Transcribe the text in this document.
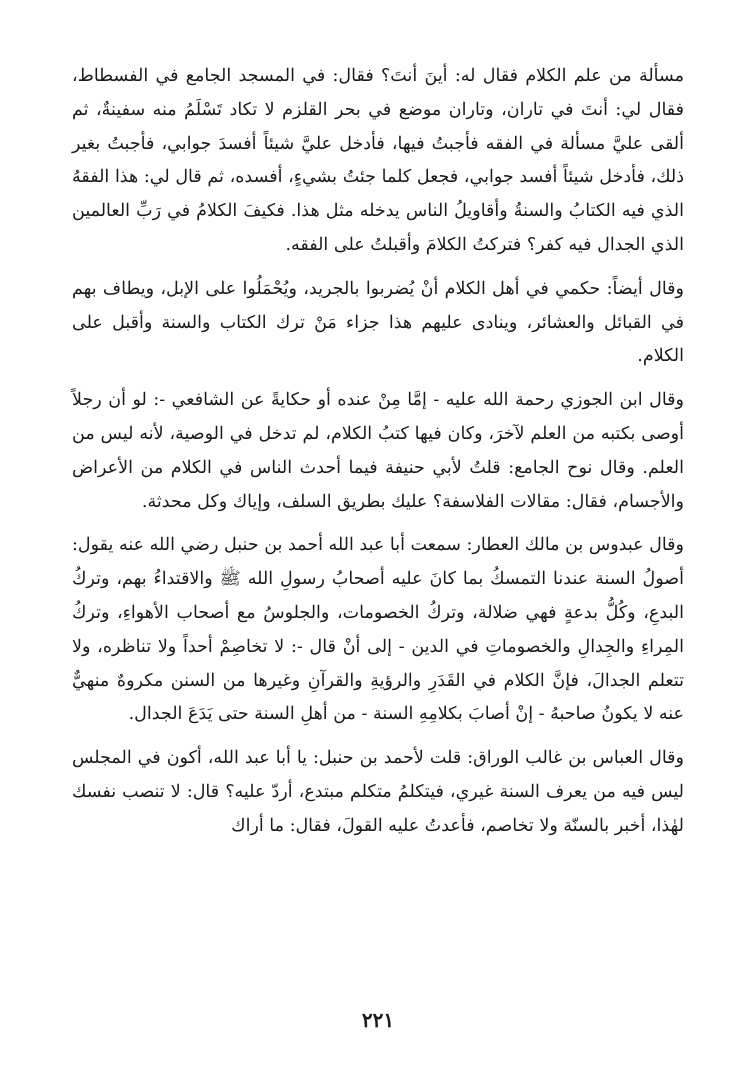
مسألة من علم الكلام فقال له: أينَ أنتَ؟ فقال: في المسجد الجامع في الفسطاط، فقال لي: أنتَ في تاران، وتاران موضع في بحر القلزم لا تكاد تَسْلَمُ منه سفينةٌ، ثم ألقى عليَّ مسألة في الفقه فأجبتُ فيها، فأدخل عليَّ شيئاً أفسدَ جوابي، فأجبتُ بغير ذلك، فأدخل شيئاً أفسد جوابي، فجعل كلما جئتُ بشيءٍ، أفسده، ثم قال لي: هذا الفقهُ الذي فيه الكتابُ والسنةُ وأقاويلُ الناس يدخله مثل هذا. فكيفَ الكلامُ في رَبِّ العالمين الذي الجدال فيه كفر؟ فتركتُ الكلامَ وأقبلتُ على الفقه.

وقال أيضاً: حكمي في أهل الكلام أنْ يُضربوا بالجريد، ويُحْمَلُوا على الإبل، ويطاف بهم في القبائل والعشائر، وينادى عليهم هذا جزاء مَنْ ترك الكتاب والسنة وأقبل على الكلام.

وقال ابن الجوزي رحمة الله عليه - إمَّا مِنْ عنده أو حكايةً عن الشافعي -: لو أن رجلاً أوصى بكتبه من العلم لآخرَ، وكان فيها كتبُ الكلام، لم تدخل في الوصية، لأنه ليس من العلم. وقال نوح الجامع: قلتُ لأبي حنيفة فيما أحدث الناس في الكلام من الأعراض والأجسام، فقال: مقالات الفلاسفة؟ عليك بطريق السلف، وإياك وكل محدثة.

وقال عبدوس بن مالك العطار: سمعت أبا عبد الله أحمد بن حنبل رضي الله عنه يقول: أصولُ السنة عندنا التمسكُ بما كانَ عليه أصحابُ رسولِ الله ﷺ والاقتداءُ بهم، وتركُ البدعِ، وكُلُّ بدعةٍ فهي ضلالة، وتركُ الخصومات، والجلوسُ مع أصحاب الأهواءِ، وتركُ المِراءِ والجِدالِ والخصوماتِ في الدين - إلى أنْ قال -: لا تخاصِمْ أحداً ولا تناظره، ولا تتعلم الجدالَ، فإنَّ الكلام في القَدَرِ والرؤيةِ والقرآنِ وغيرها من السنن مكروهٌ منهيٌّ عنه لا يكونُ صاحبهُ - إنْ أصابَ بكلامِهِ السنة - من أهلِ السنة حتى يَدَعَ الجدال.

وقال العباس بن غالب الوراق: قلت لأحمد بن حنبل: يا أبا عبد الله، أكون في المجلس ليس فيه من يعرف السنة غيري، فيتكلمُ متكلم مبتدع، أردّ عليه؟ قال: لا تنصب نفسك لهٰذا، أخبر بالسنّة ولا تخاصم، فأعدتُ عليه القولَ، فقال: ما أراك

٢٢١
